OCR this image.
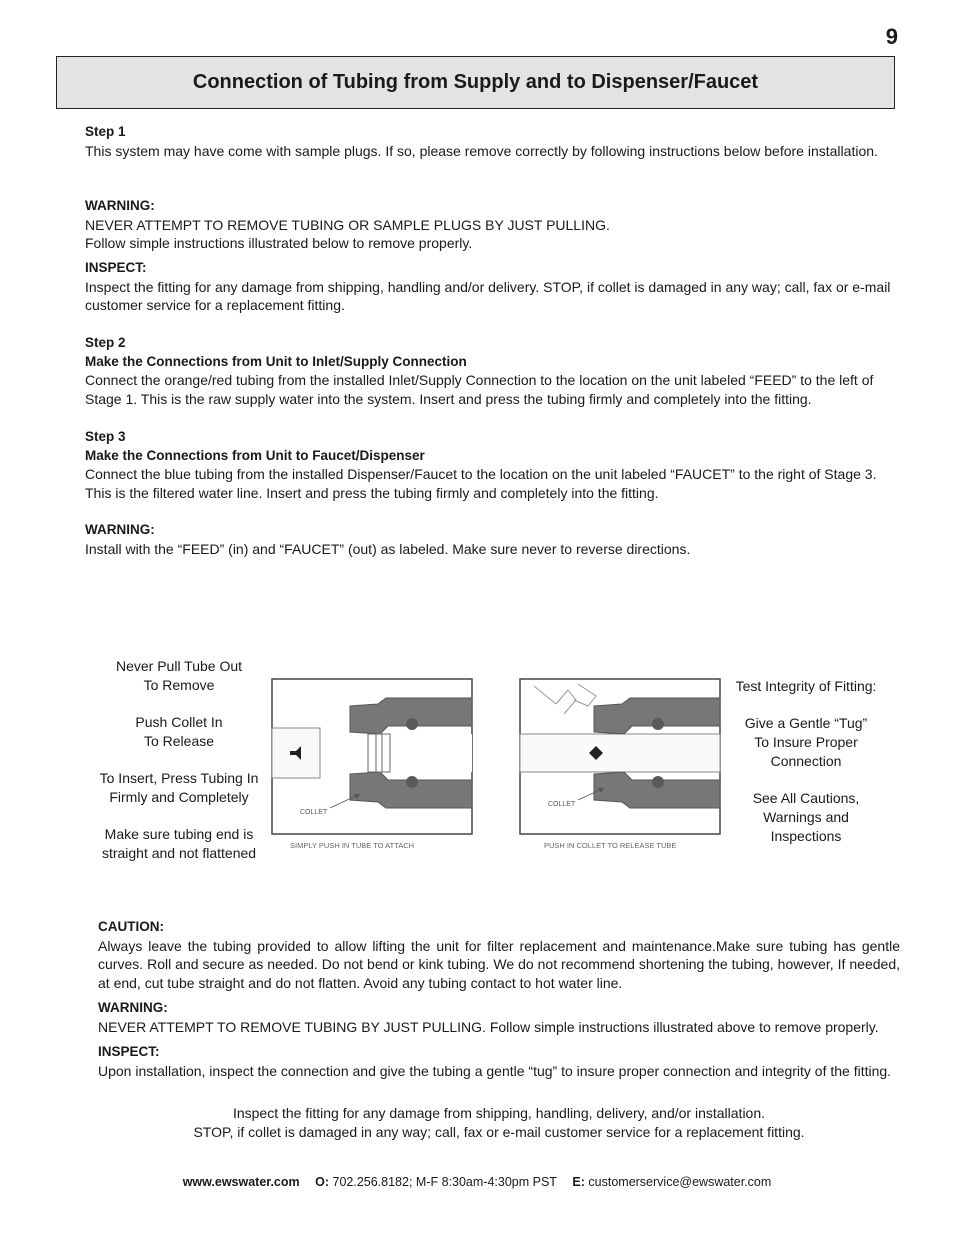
9
Connection of Tubing from Supply and to Dispenser/Faucet

Step 1

This system may have come with sample plugs. If so, please remove correctly by following instructions below before installation.

WARNING:

NEVER ATTEMPT TO REMOVE TUBING OR SAMPLE PLUGS BY JUST PULLING.

Follow simple instructions illustrated below to remove properly.

INSPECT:

Inspect the fitting for any damage from shipping, handling and/or delivery. STOP, if collet is damaged in any way; call, fax or e-mail customer service for a replacement fitting.

Step 2

Make the Connections from Unit to Inlet/Supply Connection

Connect the orange/red tubing from the installed Inlet/Supply Connection to the location on the unit labeled “FEED” to the left of Stage 1. This is the raw supply water into the system. Insert and press the tubing firmly and completely into the fitting.

Step 3

Make the Connections from Unit to Faucet/Dispenser

Connect the blue tubing from the installed Dispenser/Faucet to the location on the unit labeled “FAUCET” to the right of Stage 3. This is the filtered water line. Insert and press the tubing firmly and completely into the fitting.

WARNING:

Install with the “FEED” (in) and “FAUCET” (out) as labeled. Make sure never to reverse directions.

Never Pull Tube Out
To Remove

Push Collet In
To Release

To Insert, Press Tubing In
Firmly and Completely

Make sure tubing end is
straight and not flattened

COLLET
SIMPLY PUSH IN TUBE TO ATTACH
COLLET
PUSH IN COLLET TO RELEASE TUBE

Test Integrity of Fitting:

Give a Gentle “Tug”
To Insure Proper
Connection

See All Cautions,
Warnings and
Inspections

CAUTION:

Always leave the tubing provided to allow lifting the unit for filter replacement and maintenance.Make sure tubing has gentle curves. Roll and secure as needed. Do not bend or kink tubing. We do not recommend shortening the tubing, however, If needed, at end, cut tube straight and do not flatten. Avoid any tubing contact to hot water line.

WARNING:

NEVER ATTEMPT TO REMOVE TUBING BY JUST PULLING. Follow simple instructions illustrated above to remove properly.

INSPECT:

Upon installation, inspect the connection and give the tubing a gentle “tug” to insure proper connection and integrity of the fitting.

Inspect the fitting for any damage from shipping, handling, delivery, and/or installation.

STOP, if collet is damaged in any way; call, fax or e-mail customer service for a replacement fitting.

www.ewswater.com O: 702.256.8182; M-F 8:30am-4:30pm PST E: customerservice@ewswater.com
